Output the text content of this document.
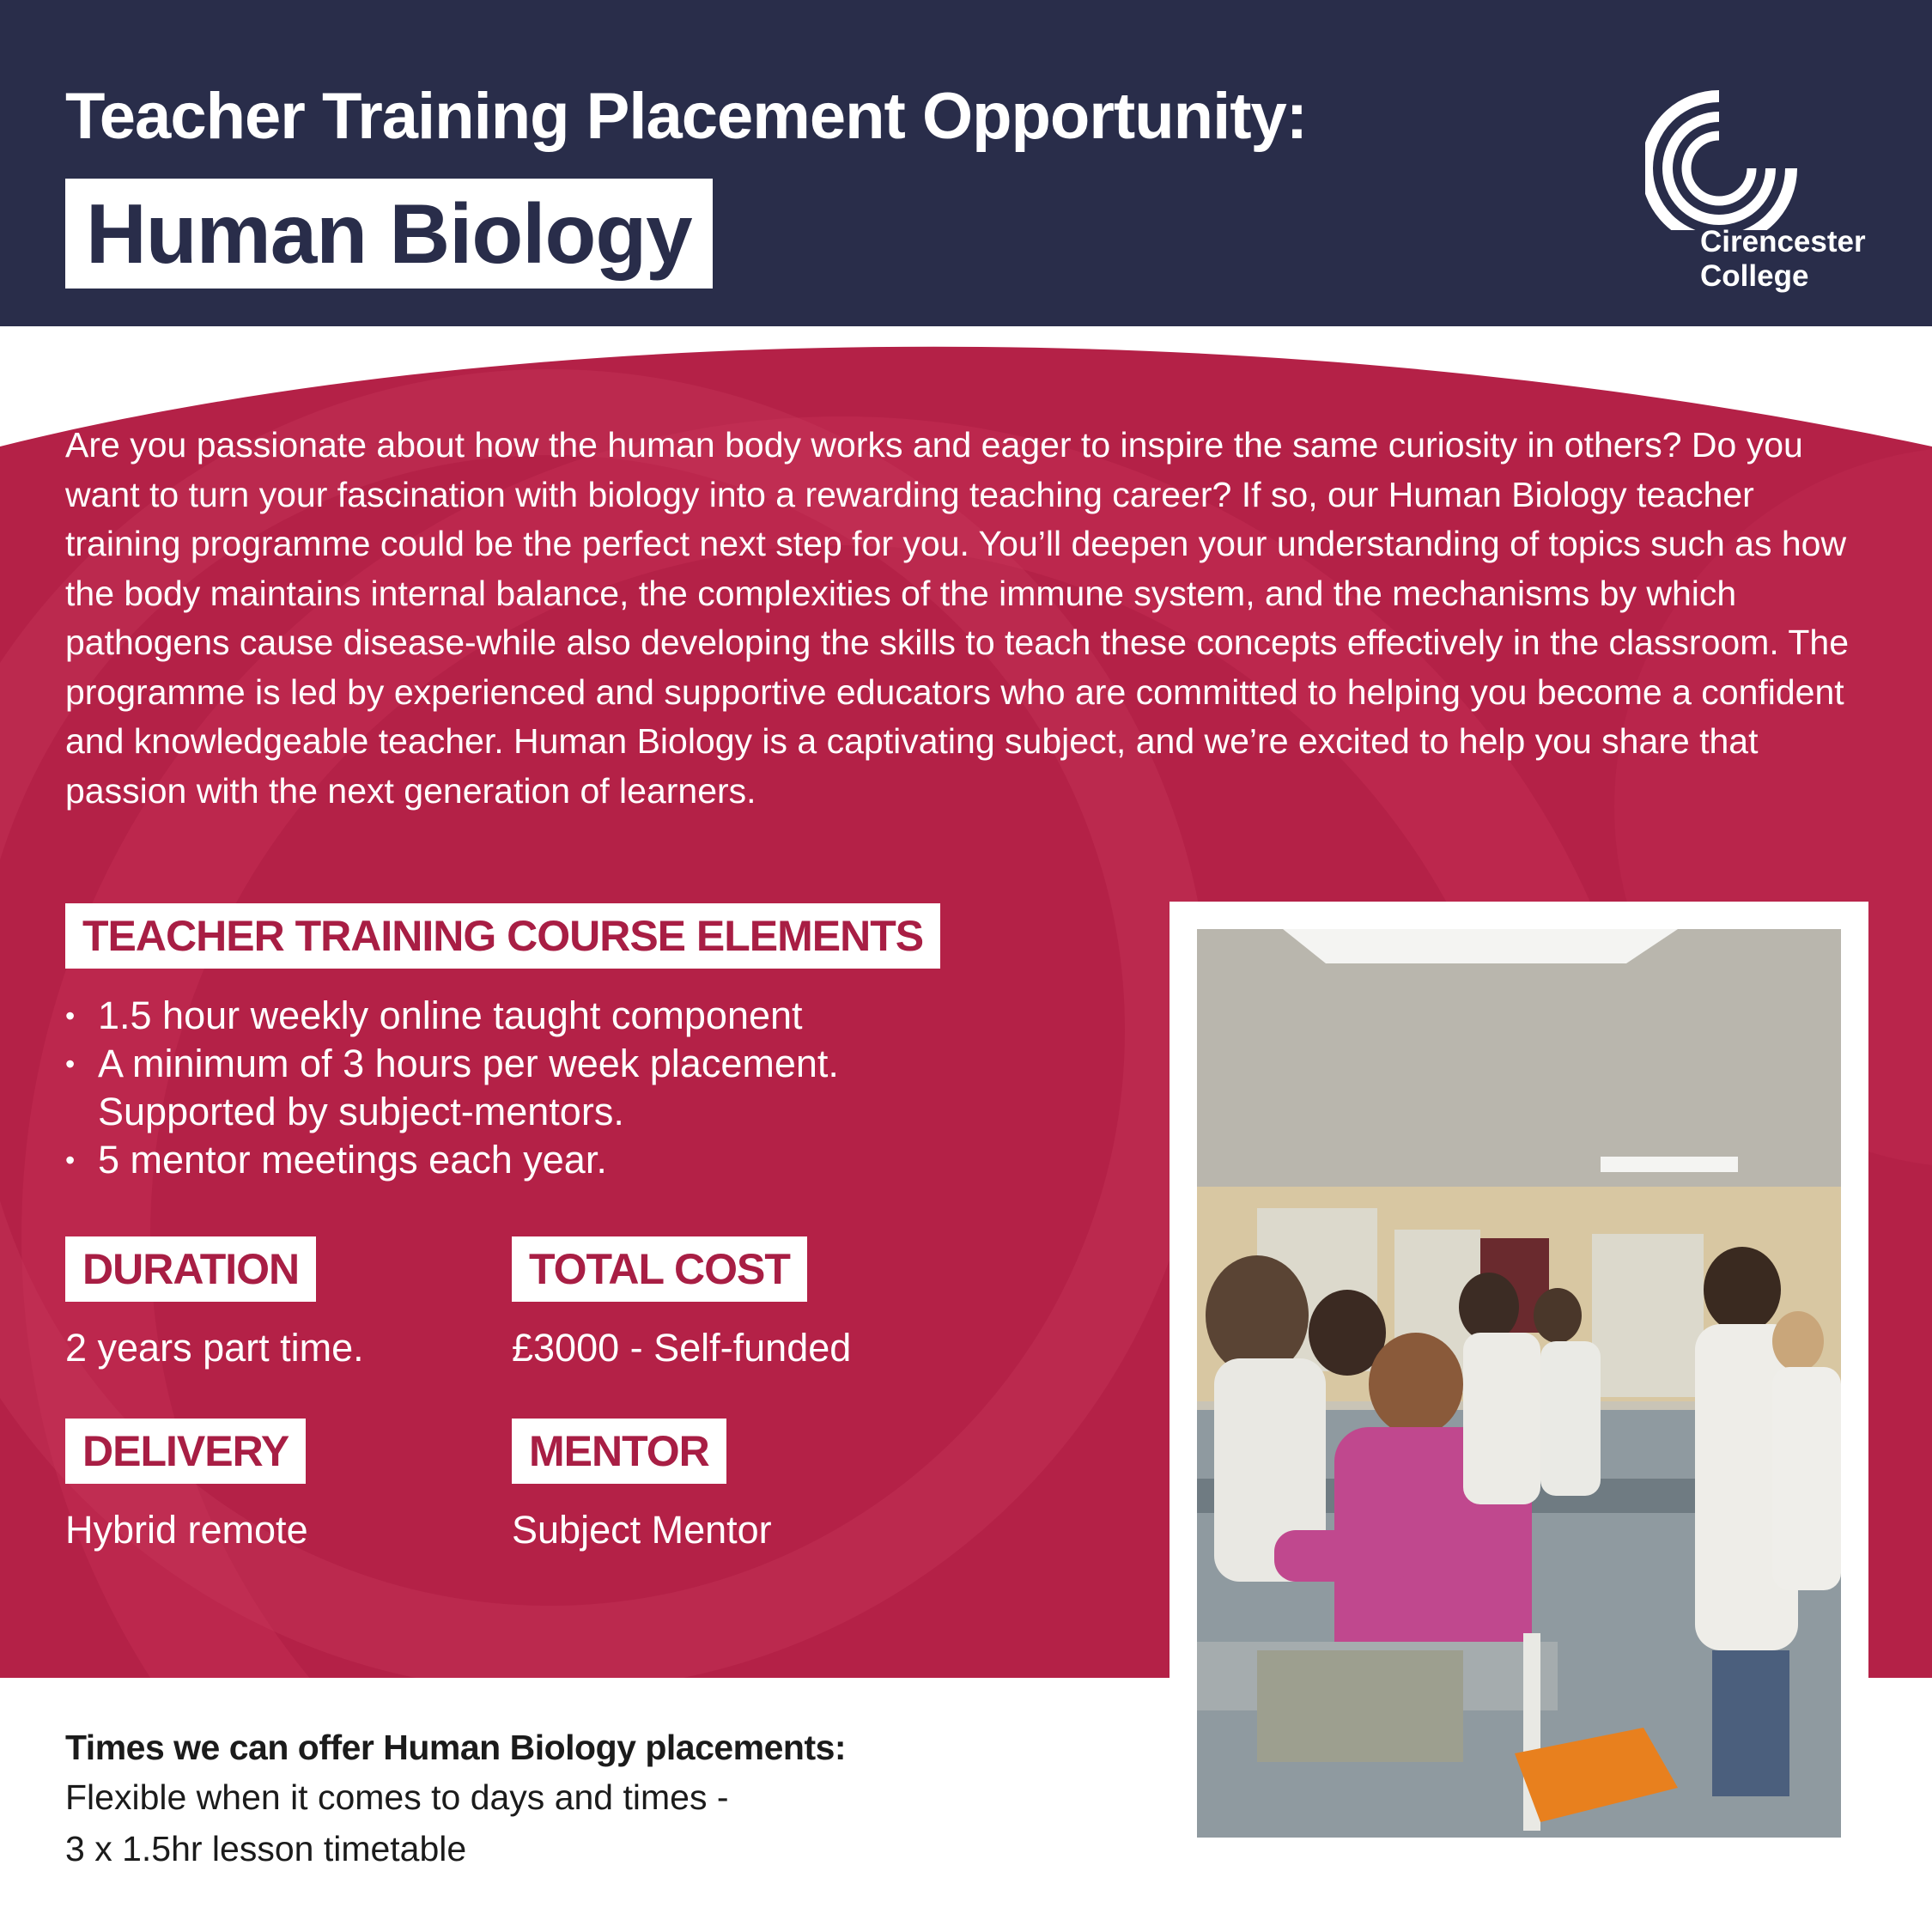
Teacher Training Placement Opportunity:
Human Biology	Cirencester
College

Are you passionate about how the human body works and eager to inspire the same curiosity in others? Do you want to turn your fascination with biology into a rewarding teaching career? If so, our Human Biology teacher training programme could be the perfect next step for you. You’ll deepen your understanding of topics such as how the body maintains internal balance, the complexities of the immune system, and the mechanisms by which pathogens cause disease-while also developing the skills to teach these concepts effectively in the classroom. The programme is led by experienced and supportive educators who are committed to helping you become a confident and knowledgeable teacher. Human Biology is a captivating subject, and we’re excited to help you share that passion with the next generation of learners.

TEACHER TRAINING COURSE ELEMENTS
• 1.5 hour weekly online taught component
• A minimum of 3 hours per week placement. Supported by subject-mentors.
• 5 mentor meetings each year.
DURATION

2 years part time.

TOTAL COST

£3000 - Self-funded

DELIVERY

Hybrid remote

MENTOR

Subject Mentor

Times we can offer Human Biology placements:

Flexible when it comes to days and times -

3 x 1.5hr lesson timetable
